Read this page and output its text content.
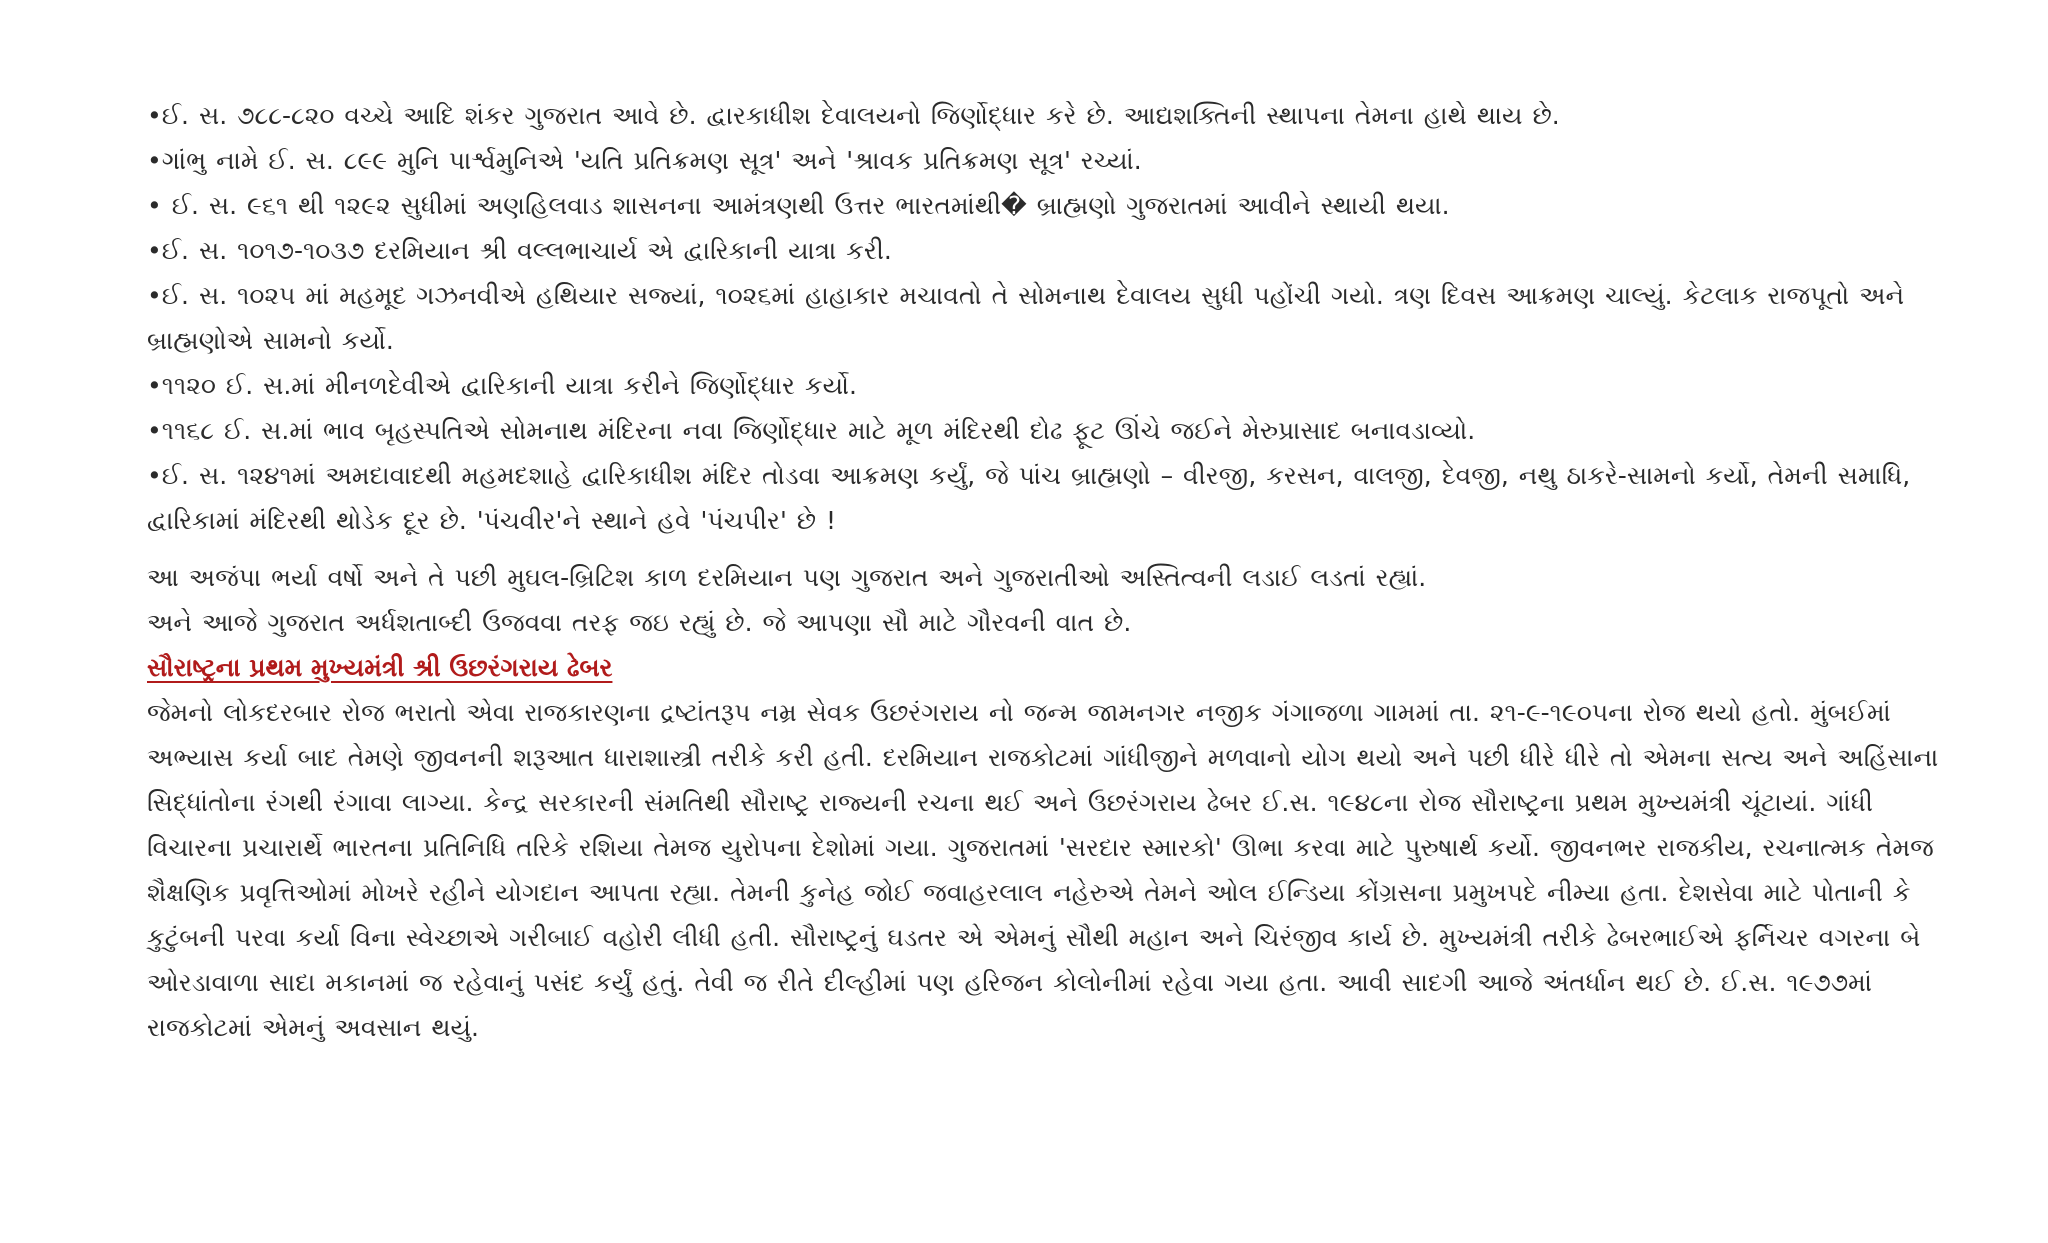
•ઈ. સ. ૭૮૮-૮૨૦ વચ્ચે આદિ શંકર ગુજરાત આવે છે. દ્વારકાધીશ દેવાલયનો જિર્ણોદ્ધાર કરે છે. આદ્યશક્તિની સ્થાપના તેમના હાથે થાય છે.

•ગાંભુ નામે ઈ. સ. ૮૯૯ મુનિ પાર્શ્વમુનિએ 'યતિ પ્રતિક્રમણ સૂત્ર' અને 'શ્રાવક પ્રતિક્રમણ સૂત્ર' રચ્યાં.

• ઈ. સ. ૯૬૧ થી ૧૨૯૨ સુધીમાં અણહિલવાડ શાસનના આમંત્રણથી ઉત્તર ભારતમાંથી� બ્રાહ્મણો ગુજરાતમાં આવીને સ્થાયી થયા.

•ઈ. સ. ૧૦૧૭-૧૦૩૭ દરમિયાન શ્રી વલ્લભાચાર્ય એ દ્વારિકાની યાત્રા કરી.

•ઈ. સ. ૧૦૨૫ માં મહમૂદ ગઝનવીએ હથિયાર સજ્યાં, ૧૦૨૬માં હાહાકાર મચાવતો તે સોમનાથ દેવાલય સુધી પહોંચી ગયો. ત્રણ દિવસ આક્રમણ ચાલ્યું. કેટલાક રાજપૂતો અને બ્રાહ્મણોએ સામનો કર્યો.

•૧૧૨૦ ઈ. સ.માં મીનળદેવીએ દ્વારિકાની યાત્રા કરીને જિર્ણોદ્ધાર કર્યો.

•૧૧૬૮ ઈ. સ.માં ભાવ બૃહસ્પતિએ સોમનાથ મંદિરના નવા જિર્ણોદ્ધાર માટે મૂળ મંદિરથી દોઢ ફૂટ ઊંચે જઈને મેરુપ્રાસાદ બનાવડાવ્યો.

•ઈ. સ. ૧૨૪૧માં અમદાવાદથી મહમદશાહે દ્વારિકાધીશ મંદિર તોડવા આક્રમણ કર્યું, જે પાંચ બ્રાહ્મણો – વીરજી, કરસન, વાલજી, દેવજી, નથુ ઠાકરે-સામનો કર્યો, તેમની સમાધિ, દ્વારિકામાં મંદિરથી થોડેક દૂર છે. 'પંચવીર'ને સ્થાને હવે 'પંચપીર' છે !

આ અજંપા ભર્યા વર્ષો અને તે પછી મુઘલ-બ્રિટિશ કાળ દરમિયાન પણ ગુજરાત અને ગુજરાતીઓ અસ્તિત્વની લડાઈ લડતાં રહ્યાં.

અને આજે ગુજરાત અર્ધશતાબ્દી ઉજવવા તરફ જઇ રહ્યું છે. જે આપણા સૌ માટે ગૌરવની વાત છે.

સૌરાષ્ટ્રના પ્રથમ મુખ્યમંત્રી શ્રી ઉછરંગરાય ઢેબર

જેમનો લોકદરબાર રોજ ભરાતો એવા રાજકારણના દ્રષ્ટાંતરૂપ નમ્ર સેવક ઉછરંગરાય નો જન્મ જામનગર નજીક ગંગાજળા ગામમાં તા. ૨૧-૯-૧૯૦૫ના રોજ થયો હતો. મુંબઈમાં અભ્યાસ કર્યા બાદ તેમણે જીવનની શરૂઆત ધારાશાસ્ત્રી તરીકે કરી હતી. દરમિયાન રાજકોટમાં ગાંધીજીને મળવાનો યોગ થયો અને પછી ધીરે ધીરે તો એમના સત્ય અને અહિંસાના સિદ્ધાંતોના રંગથી રંગાવા લાગ્યા. કેન્દ્ર સરકારની સંમતિથી સૌરાષ્ટ્ર રાજ્યની રચના થઈ અને ઉછરંગરાય ઢેબર ઈ.સ. ૧૯૪૮ના રોજ સૌરાષ્ટ્રના પ્રથમ મુખ્યમંત્રી ચૂંટાયાં. ગાંધી વિચારના પ્રચારાર્થે ભારતના પ્રતિનિધિ તરિકે રશિયા તેમજ યુરોપના દેશોમાં ગયા. ગુજરાતમાં 'સરદાર સ્મારકો' ઊભા કરવા માટે પુરુષાર્થ કર્યો. જીવનભર રાજકીય, રચનાત્મક તેમજ શૈક્ષણિક પ્રવૃત્તિઓમાં મોખરે રહીને યોગદાન આપતા રહ્યા. તેમની કુનેહ જોઈ જવાહરલાલ નહેરુએ તેમને ઓલ ઈન્ડિયા કોંગ્રસના પ્રમુખપદે નીમ્યા હતા. દેશસેવા માટે પોતાની કે કુટુંબની પરવા કર્યા વિના સ્વેચ્છાએ ગરીબાઈ વહોરી લીધી હતી. સૌરાષ્ટ્રનું ઘડતર એ એમનું સૌથી મહાન અને ચિરંજીવ કાર્ય છે. મુખ્યમંત્રી તરીકે ઢેબરભાઈએ ફર્નિચર વગરના બે ઓરડાવાળા સાદા મકાનમાં જ રહેવાનું પસંદ કર્યું હતું. તેવી જ રીતે દીલ્હીમાં પણ હરિજન કોલોનીમાં રહેવા ગયા હતા. આવી સાદગી આજે અંતર્ધાન થઈ છે. ઈ.સ. ૧૯૭૭માં રાજકોટમાં એમનું અવસાન થયું.
